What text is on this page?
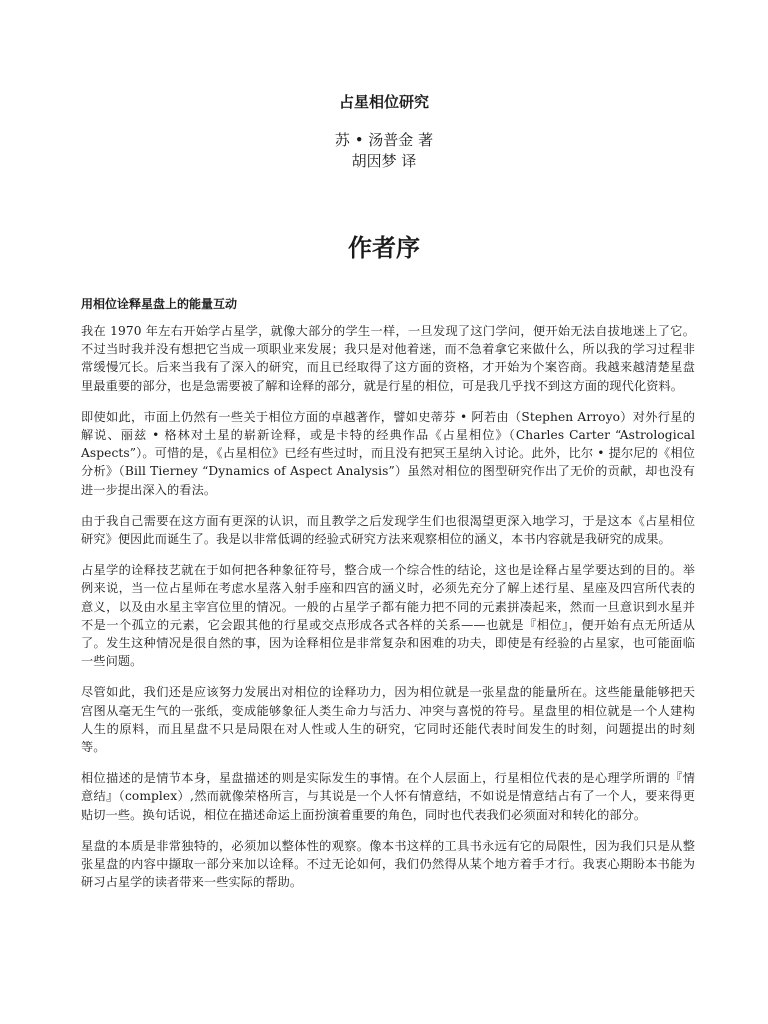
占星相位研究
苏 • 汤普金 著
胡因梦 译
作者序
用相位诠释星盘上的能量互动

我在 1970 年左右开始学占星学，就像大部分的学生一样，一旦发现了这门学问，便开始无法自拔地迷上了它。不过当时我并没有想把它当成一项职业来发展；我只是对他着迷，而不急着拿它来做什么，所以我的学习过程非常缓慢冗长。后来当我有了深入的研究，而且已经取得了这方面的资格，才开始为个案咨商。我越来越清楚星盘里最重要的部分，也是急需要被了解和诠释的部分，就是行星的相位，可是我几乎找不到这方面的现代化资料。

即使如此，市面上仍然有一些关于相位方面的卓越著作，譬如史蒂芬 • 阿若由（Stephen Arroyo）对外行星的解说、丽兹 • 格林对土星的崭新诠释，或是卡特的经典作品《占星相位》（Charles Carter “Astrological Aspects”）。可惜的是，《占星相位》已经有些过时，而且没有把冥王星纳入讨论。此外，比尔 • 提尔尼的《相位分析》（Bill Tierney “Dynamics of Aspect Analysis”）虽然对相位的图型研究作出了无价的贡献，却也没有进一步提出深入的看法。

由于我自己需要在这方面有更深的认识，而且教学之后发现学生们也很渴望更深入地学习，于是这本《占星相位研究》便因此而诞生了。我是以非常低调的经验式研究方法来观察相位的涵义，本书内容就是我研究的成果。

占星学的诠释技艺就在于如何把各种象征符号，整合成一个综合性的结论，这也是诠释占星学要达到的目的。举例来说，当一位占星师在考虑水星落入射手座和四宫的涵义时，必须先充分了解上述行星、星座及四宫所代表的意义，以及由水星主宰宫位里的情况。一般的占星学子都有能力把不同的元素拼凑起来，然而一旦意识到水星并不是一个孤立的元素，它会跟其他的行星或交点形成各式各样的关系——也就是『相位』，便开始有点无所适从了。发生这种情况是很自然的事，因为诠释相位是非常复杂和困难的功夫，即使是有经验的占星家，也可能面临一些问题。

尽管如此，我们还是应该努力发展出对相位的诠释功力，因为相位就是一张星盘的能量所在。这些能量能够把天宫图从毫无生气的一张纸，变成能够象征人类生命力与活力、冲突与喜悦的符号。星盘里的相位就是一个人建构人生的原料，而且星盘不只是局限在对人性或人生的研究，它同时还能代表时间发生的时刻，问题提出的时刻等。

相位描述的是情节本身，星盘描述的则是实际发生的事情。在个人层面上，行星相位代表的是心理学所谓的『情意结』（complex）,然而就像荣格所言，与其说是一个人怀有情意结，不如说是情意结占有了一个人，要来得更贴切一些。换句话说，相位在描述命运上面扮演着重要的角色，同时也代表我们必须面对和转化的部分。

星盘的本质是非常独特的，必须加以整体性的观察。像本书这样的工具书永远有它的局限性，因为我们只是从整张星盘的内容中撷取一部分来加以诠释。不过无论如何，我们仍然得从某个地方着手才行。我衷心期盼本书能为研习占星学的读者带来一些实际的帮助。
